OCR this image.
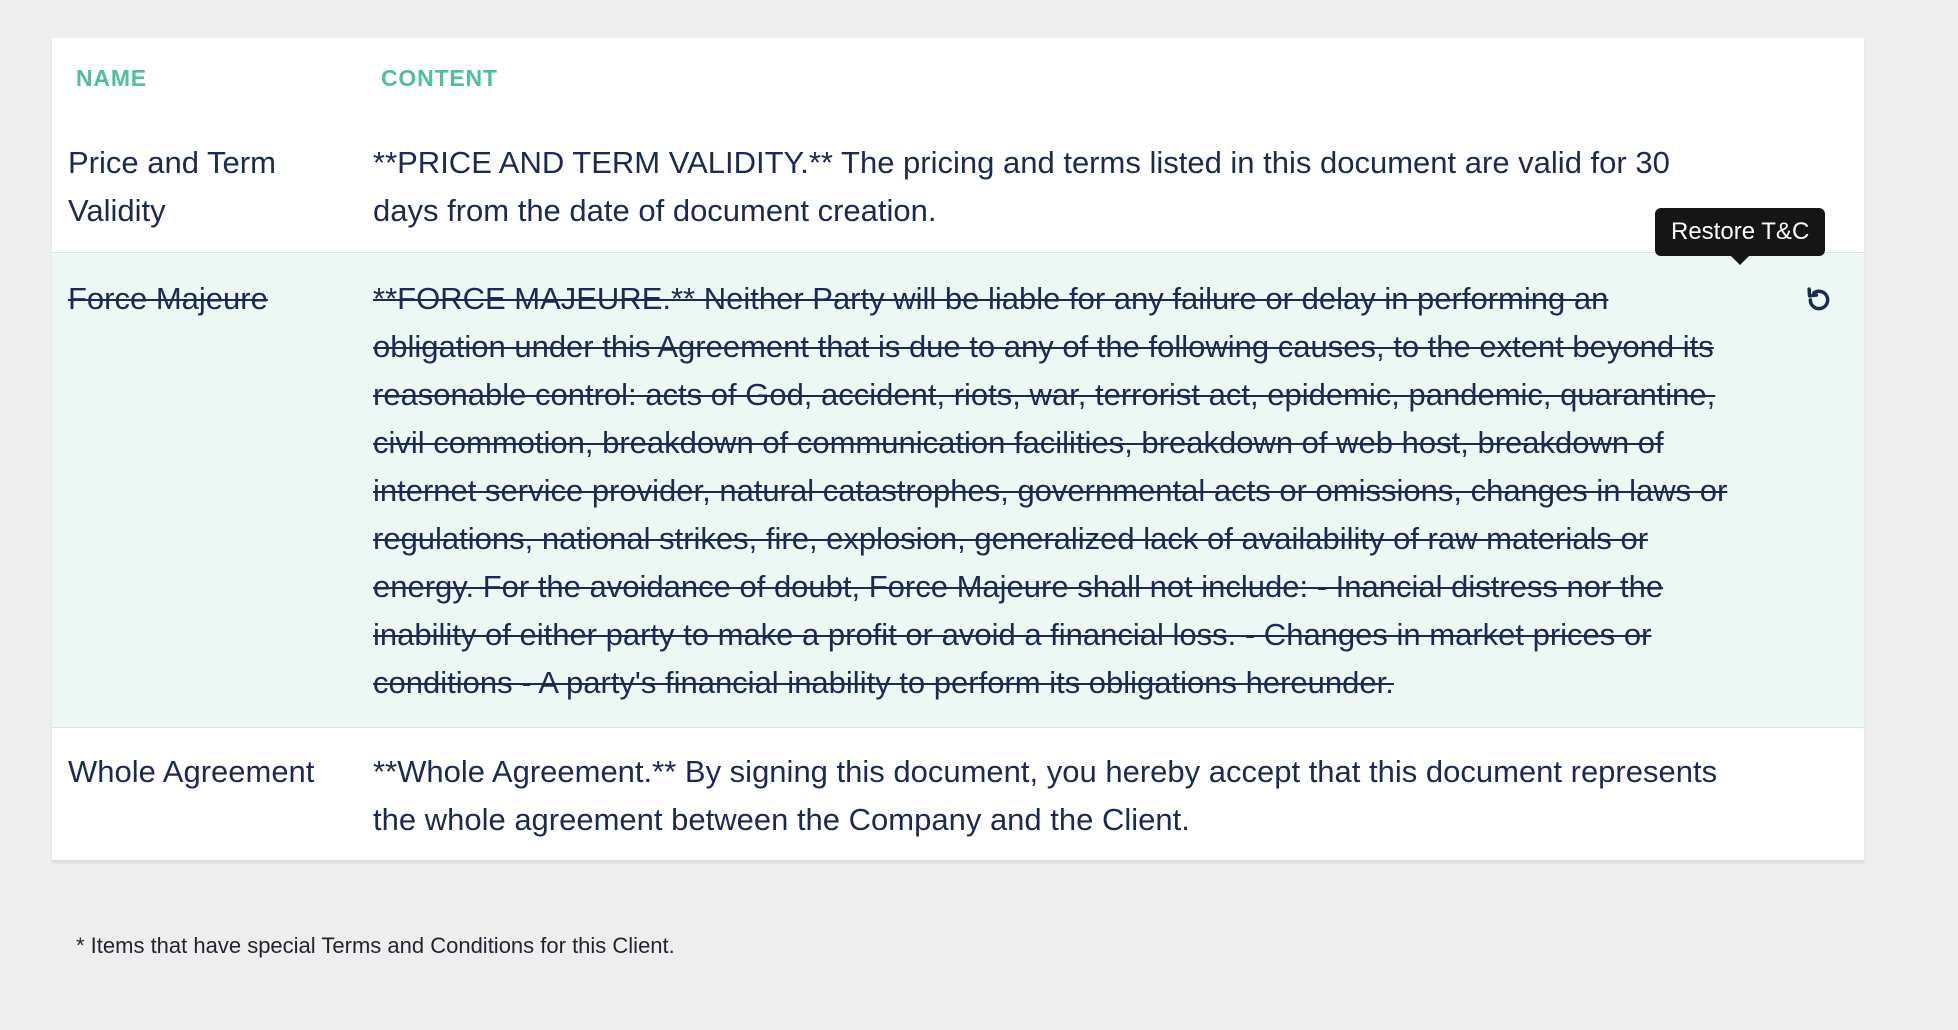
NAME	CONTENT	
Price and Term Validity	**PRICE AND TERM VALIDITY.** The pricing and terms listed in this document are valid for 30 days from the date of document creation.	
Force Majeure	**FORCE MAJEURE.** Neither Party will be liable for any failure or delay in performing an obligation under this Agreement that is due to any of the following causes, to the extent beyond its reasonable control: acts of God, accident, riots, war, terrorist act, epidemic, pandemic, quarantine, civil commotion, breakdown of communication facilities, breakdown of web host, breakdown of internet service provider, natural catastrophes, governmental acts or omissions, changes in laws or regulations, national strikes, fire, explosion, generalized lack of availability of raw materials or energy. For the avoidance of doubt, Force Majeure shall not include: - Inancial distress nor the inability of either party to make a profit or avoid a financial loss. - Changes in market prices or conditions - A party's financial inability to perform its obligations hereunder.	

Whole Agreement	**Whole Agreement.** By signing this document, you hereby accept that this document represents the whole agreement between the Company and the Client.	
Restore T&C
* Items that have special Terms and Conditions for this Client.
